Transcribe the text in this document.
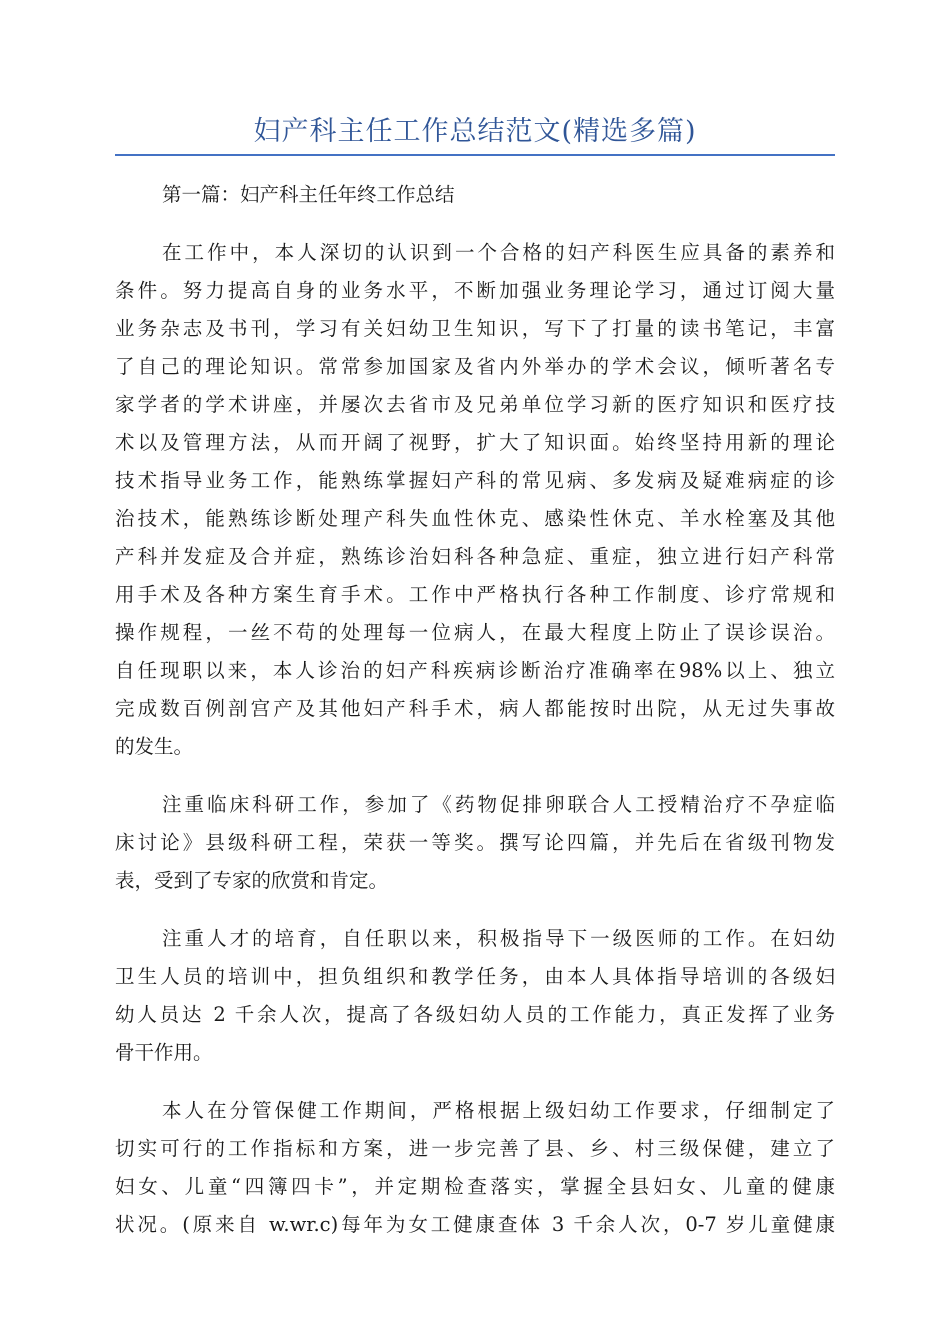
妇产科主任工作总结范文(精选多篇)
第一篇：妇产科主任年终工作总结
在工作中，本人深切的认识到一个合格的妇产科医生应具备的素养和
条件。努力提高自身的业务水平，不断加强业务理论学习，通过订阅大量
业务杂志及书刊，学习有关妇幼卫生知识，写下了打量的读书笔记，丰富
了自己的理论知识。常常参加国家及省内外举办的学术会议，倾听著名专
家学者的学术讲座，并屡次去省市及兄弟单位学习新的医疗知识和医疗技
术以及管理方法，从而开阔了视野，扩大了知识面。始终坚持用新的理论
技术指导业务工作，能熟练掌握妇产科的常见病、多发病及疑难病症的诊
治技术，能熟练诊断处理产科失血性休克、感染性休克、羊水栓塞及其他
产科并发症及合并症，熟练诊治妇科各种急症、重症，独立进行妇产科常
用手术及各种方案生育手术。工作中严格执行各种工作制度、诊疗常规和
操作规程，一丝不苟的处理每一位病人，在最大程度上防止了误诊误治。
自任现职以来，本人诊治的妇产科疾病诊断治疗准确率在98%以上、独立
完成数百例剖宫产及其他妇产科手术，病人都能按时出院，从无过失事故
的发生。
注重临床科研工作，参加了《药物促排卵联合人工授精治疗不孕症临
床讨论》县级科研工程，荣获一等奖。撰写论四篇，并先后在省级刊物发
表，受到了专家的欣赏和肯定。
注重人才的培育，自任职以来，积极指导下一级医师的工作。在妇幼
卫生人员的培训中，担负组织和教学任务，由本人具体指导培训的各级妇
幼人员达 2 千余人次，提高了各级妇幼人员的工作能力，真正发挥了业务
骨干作用。
本人在分管保健工作期间，严格根据上级妇幼工作要求，仔细制定了
切实可行的工作指标和方案，进一步完善了县、乡、村三级保健，建立了
妇女、儿童“四簿四卡”，并定期检查落实，掌握全县妇女、儿童的健康
状况。(原来自 w.wr.c)每年为女工健康查体 3 千余人次，0-7 岁儿童健康
